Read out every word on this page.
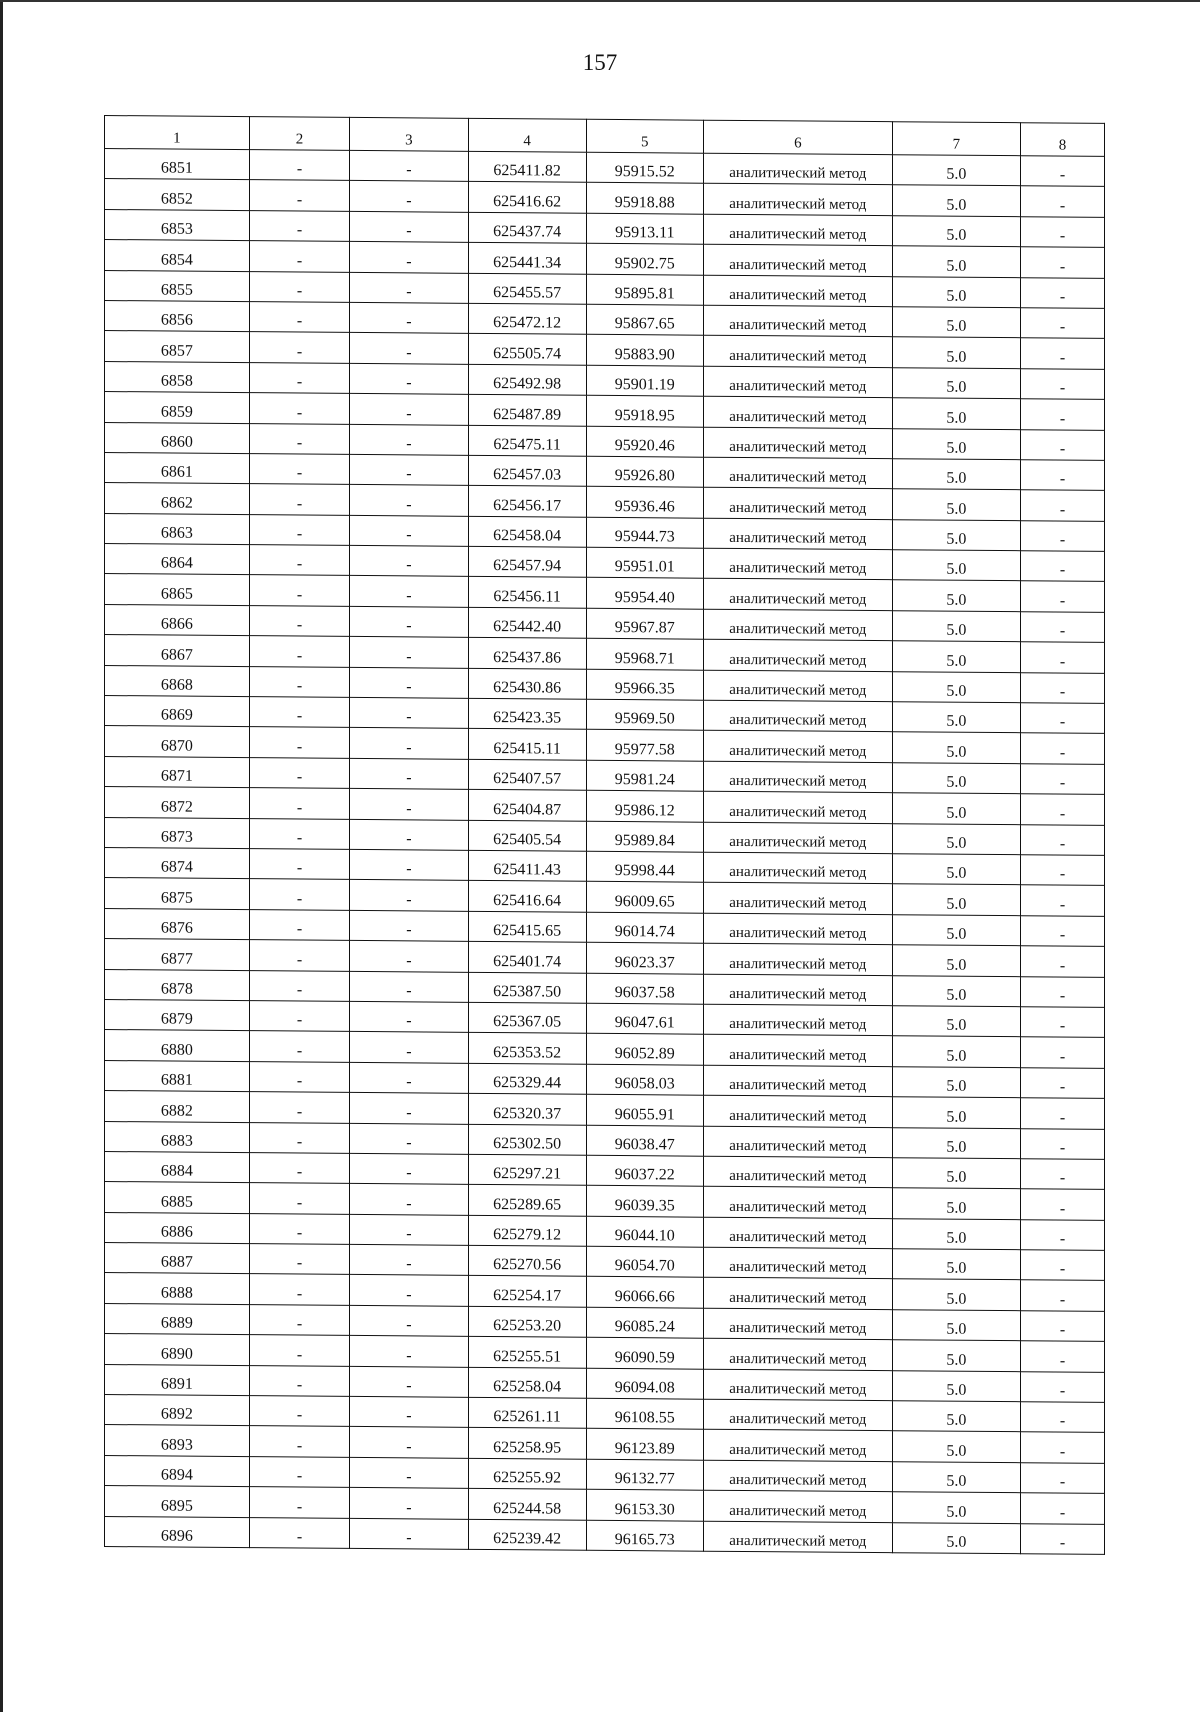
157
1	2	3	4	5	6	7	8
6851	-	-	625411.82	95915.52	аналитический метод	5.0	-
6852	-	-	625416.62	95918.88	аналитический метод	5.0	-
6853	-	-	625437.74	95913.11	аналитический метод	5.0	-
6854	-	-	625441.34	95902.75	аналитический метод	5.0	-
6855	-	-	625455.57	95895.81	аналитический метод	5.0	-
6856	-	-	625472.12	95867.65	аналитический метод	5.0	-
6857	-	-	625505.74	95883.90	аналитический метод	5.0	-
6858	-	-	625492.98	95901.19	аналитический метод	5.0	-
6859	-	-	625487.89	95918.95	аналитический метод	5.0	-
6860	-	-	625475.11	95920.46	аналитический метод	5.0	-
6861	-	-	625457.03	95926.80	аналитический метод	5.0	-
6862	-	-	625456.17	95936.46	аналитический метод	5.0	-
6863	-	-	625458.04	95944.73	аналитический метод	5.0	-
6864	-	-	625457.94	95951.01	аналитический метод	5.0	-
6865	-	-	625456.11	95954.40	аналитический метод	5.0	-
6866	-	-	625442.40	95967.87	аналитический метод	5.0	-
6867	-	-	625437.86	95968.71	аналитический метод	5.0	-
6868	-	-	625430.86	95966.35	аналитический метод	5.0	-
6869	-	-	625423.35	95969.50	аналитический метод	5.0	-
6870	-	-	625415.11	95977.58	аналитический метод	5.0	-
6871	-	-	625407.57	95981.24	аналитический метод	5.0	-
6872	-	-	625404.87	95986.12	аналитический метод	5.0	-
6873	-	-	625405.54	95989.84	аналитический метод	5.0	-
6874	-	-	625411.43	95998.44	аналитический метод	5.0	-
6875	-	-	625416.64	96009.65	аналитический метод	5.0	-
6876	-	-	625415.65	96014.74	аналитический метод	5.0	-
6877	-	-	625401.74	96023.37	аналитический метод	5.0	-
6878	-	-	625387.50	96037.58	аналитический метод	5.0	-
6879	-	-	625367.05	96047.61	аналитический метод	5.0	-
6880	-	-	625353.52	96052.89	аналитический метод	5.0	-
6881	-	-	625329.44	96058.03	аналитический метод	5.0	-
6882	-	-	625320.37	96055.91	аналитический метод	5.0	-
6883	-	-	625302.50	96038.47	аналитический метод	5.0	-
6884	-	-	625297.21	96037.22	аналитический метод	5.0	-
6885	-	-	625289.65	96039.35	аналитический метод	5.0	-
6886	-	-	625279.12	96044.10	аналитический метод	5.0	-
6887	-	-	625270.56	96054.70	аналитический метод	5.0	-
6888	-	-	625254.17	96066.66	аналитический метод	5.0	-
6889	-	-	625253.20	96085.24	аналитический метод	5.0	-
6890	-	-	625255.51	96090.59	аналитический метод	5.0	-
6891	-	-	625258.04	96094.08	аналитический метод	5.0	-
6892	-	-	625261.11	96108.55	аналитический метод	5.0	-
6893	-	-	625258.95	96123.89	аналитический метод	5.0	-
6894	-	-	625255.92	96132.77	аналитический метод	5.0	-
6895	-	-	625244.58	96153.30	аналитический метод	5.0	-
6896	-	-	625239.42	96165.73	аналитический метод	5.0	-
